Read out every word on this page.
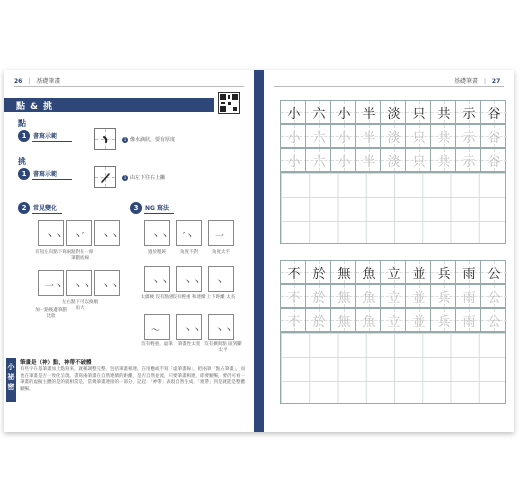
26 | 基礎筆畫
點 & 挑
點
1	書寫示範	1 像水滴狀，要有厚度
挑
1	書寫示範	1 由左下往右上撇
2	常見變化
丶丶 丶′ 丶丶
有短左向點下寫 兩點對在一條筆劃底線
一丶 丶丶 丶丶
左右點下可以換順角大
加一點後邊筆劃比收
3	NG 寫法
丶丶 ′丶 一
過於粗鈍	角度不對	角度太平
丶丶 丶丶 丶
太僵硬 沒有點感 沒有輕重 和連續 上下距離 太長
〜	丶丶 丶丶
沒有輕重，虛筆	筆畫性太寬 沒有擴與點 區到斷太平
小祕密
筆畫是（神）點，神帶不破體
有些字在基筆畫加上點寫來，就稱調整完整，包括筆畫相連、在用應或手寫「虛筆畫線」，把兩筆「點五筆畫」，而也在筆畫是否一致化呈現。書寫兩筆畫在自然連續的距離，是否自然並流，只要筆畫相連，即要順暢，要仍可看一筆畫的虛擬主體的是的就相當是，當幾筆畫連接的一部分，記起：「神帶」表現自然生成，「連帶」到是就能是整體順暢。
基礎筆畫 | 27
小 六 小 半 淡 只 共 示 谷
小 六 小 半 淡 只 共 示 谷
小 六 小 半 淡 只 共 示 谷
不 於 無 魚 立 並 兵 雨 公
不 於 無 魚 立 並 兵 雨 公
不 於 無 魚 立 並 兵 雨 公
